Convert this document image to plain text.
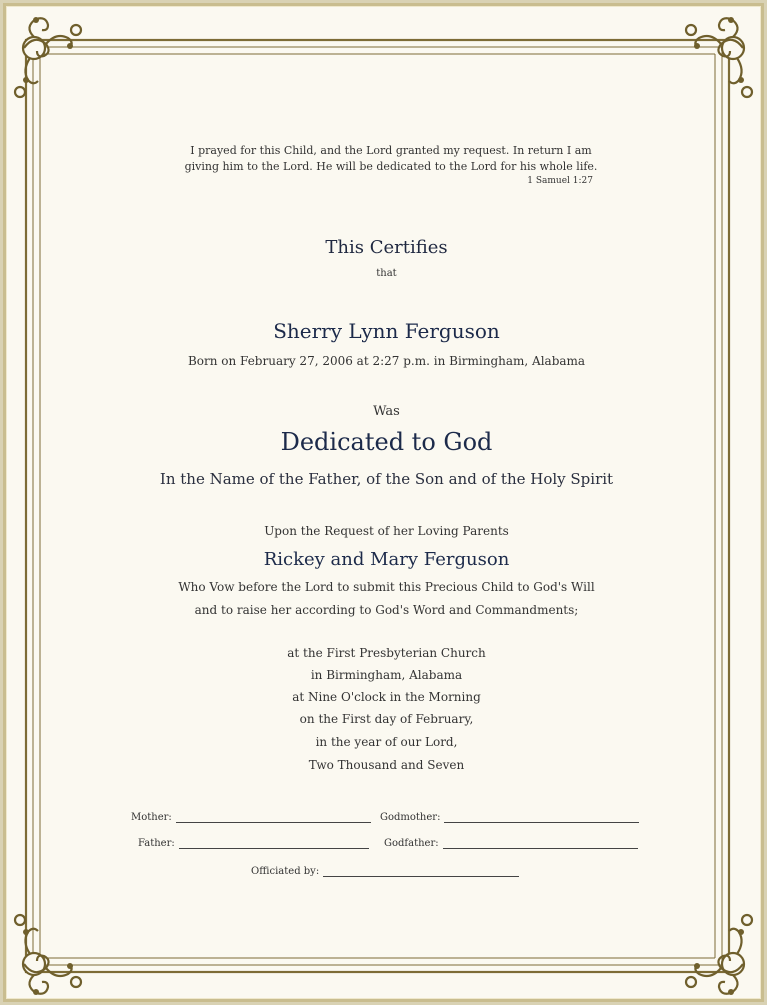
I prayed for this Child, and the Lord granted my request. In return I am
giving him to the Lord. He will be dedicated to the Lord for his whole life.
1 Samuel 1:27
This Certifies
that
Sherry Lynn Ferguson
Born on February 27, 2006 at 2:27 p.m. in Birmingham, Alabama
Was
Dedicated to God
In the Name of the Father, of the Son and of the Holy Spirit
Upon the Request of her Loving Parents
Rickey and Mary Ferguson
Who Vow before the Lord to submit this Precious Child to God's Will
and to raise her according to God's Word and Commandments;
at the First Presbyterian Church
in Birmingham, Alabama
at Nine O'clock in the Morning
on the First day of February,
in the year of our Lord,
Two Thousand and Seven
Mother:	Godmother:
Father:	Godfather:
Officiated by:
